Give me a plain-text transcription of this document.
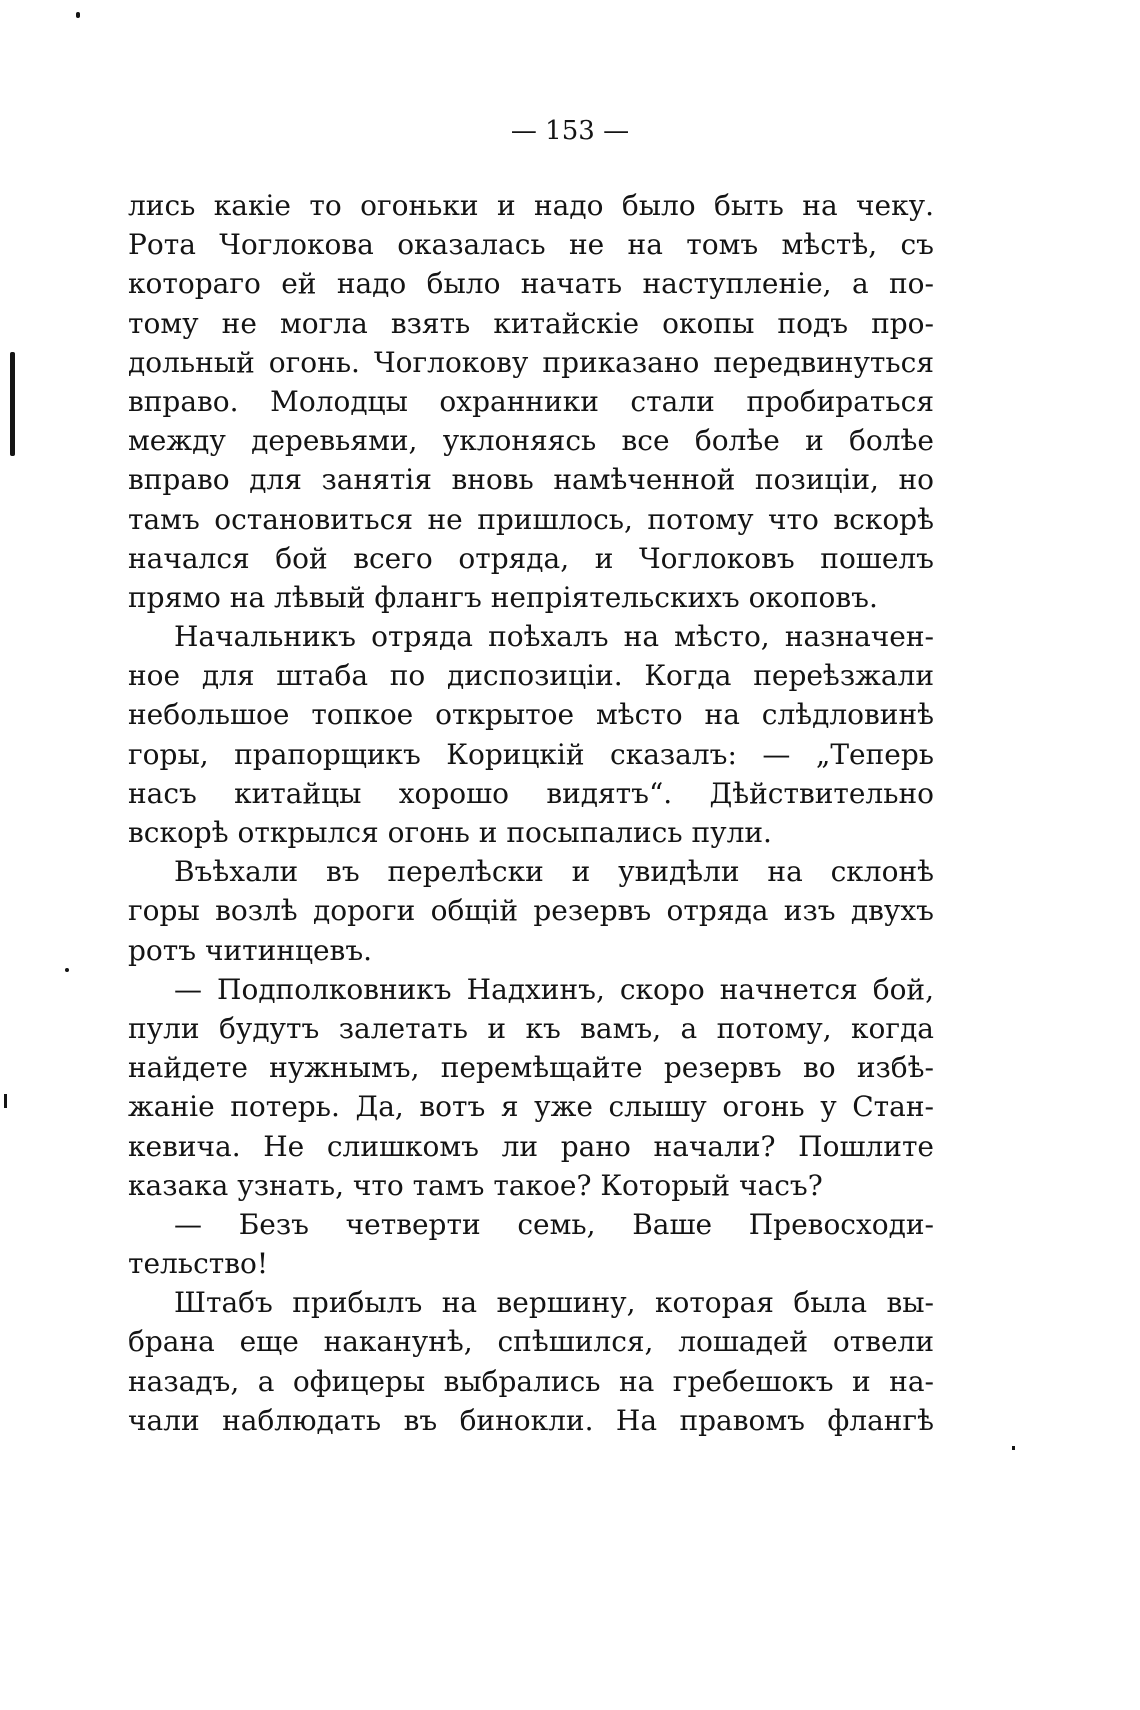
— 153 —
лись какіе то огоньки и надо было быть на чеку.
Рота Чоглокова оказалась не на томъ мѣстѣ, съ
котораго ей надо было начать наступленіе, а по-
тому не могла взять китайскіе окопы подъ про-
дольный огонь. Чоглокову приказано передвинуться
вправо. Молодцы охранники стали пробираться
между деревьями, уклоняясь все болѣе и болѣе
вправо для занятія вновь намѣченной позиціи, но
тамъ остановиться не пришлось, потому что вскорѣ
начался бой всего отряда, и Чоглоковъ пошелъ
прямо на лѣвый флангъ непріятельскихъ окоповъ.
Начальникъ отряда поѣхалъ на мѣсто, назначен-
ное для штаба по диспозиціи. Когда переѣзжали
небольшое топкое открытое мѣсто на слѣдловинѣ
горы, прапорщикъ Корицкій сказалъ: — „Теперь
насъ китайцы хорошо видятъ“. Дѣйствительно
вскорѣ открылся огонь и посыпались пули.
Въѣхали въ перелѣски и увидѣли на склонѣ
горы возлѣ дороги общій резервъ отряда изъ двухъ
ротъ читинцевъ.
— Подполковникъ Надхинъ, скоро начнется бой,
пули будутъ залетать и къ вамъ, а потому, когда
найдете нужнымъ, перемѣщайте резервъ во избѣ-
жаніе потерь. Да, вотъ я уже слышу огонь у Стан-
кевича. Не слишкомъ ли рано начали? Пошлите
казака узнать, что тамъ такое? Который часъ?
— Безъ четверти семь, Ваше Превосходи-
тельство!
Штабъ прибылъ на вершину, которая была вы-
брана еще наканунѣ, спѣшился, лошадей отвели
назадъ, а офицеры выбрались на гребешокъ и на-
чали наблюдать въ бинокли. На правомъ флангѣ
